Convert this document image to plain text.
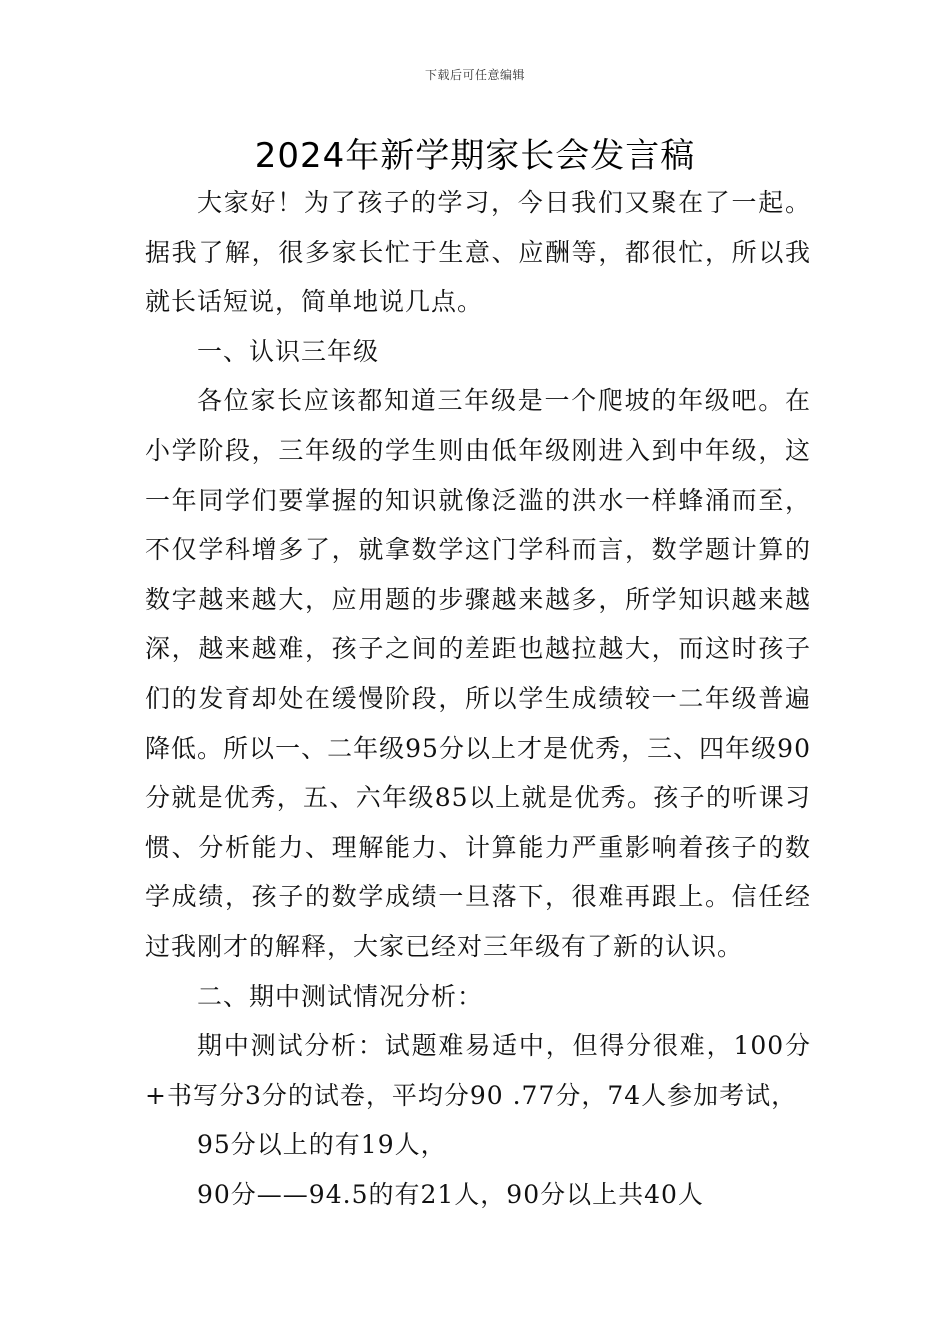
下载后可任意编辑
2024年新学期家长会发言稿

大家好！为了孩子的学习，今日我们又聚在了一起。据我了解，很多家长忙于生意、应酬等，都很忙，所以我就长话短说，简单地说几点。

一、认识三年级

各位家长应该都知道三年级是一个爬坡的年级吧。在小学阶段，三年级的学生则由低年级刚进入到中年级，这一年同学们要掌握的知识就像泛滥的洪水一样蜂涌而至，不仅学科增多了，就拿数学这门学科而言，数学题计算的数字越来越大，应用题的步骤越来越多，所学知识越来越深，越来越难，孩子之间的差距也越拉越大，而这时孩子们的发育却处在缓慢阶段，所以学生成绩较一二年级普遍降低。所以一、二年级95分以上才是优秀，三、四年级90分就是优秀，五、六年级85以上就是优秀。孩子的听课习惯、分析能力、理解能力、计算能力严重影响着孩子的数学成绩，孩子的数学成绩一旦落下，很难再跟上。信任经过我刚才的解释，大家已经对三年级有了新的认识。

二、期中测试情况分析：

期中测试分析：试题难易适中，但得分很难，100分+书写分3分的试卷，平均分90 .77分，74人参加考试，

95分以上的有19人，

90分——94.5的有21人，90分以上共40人
